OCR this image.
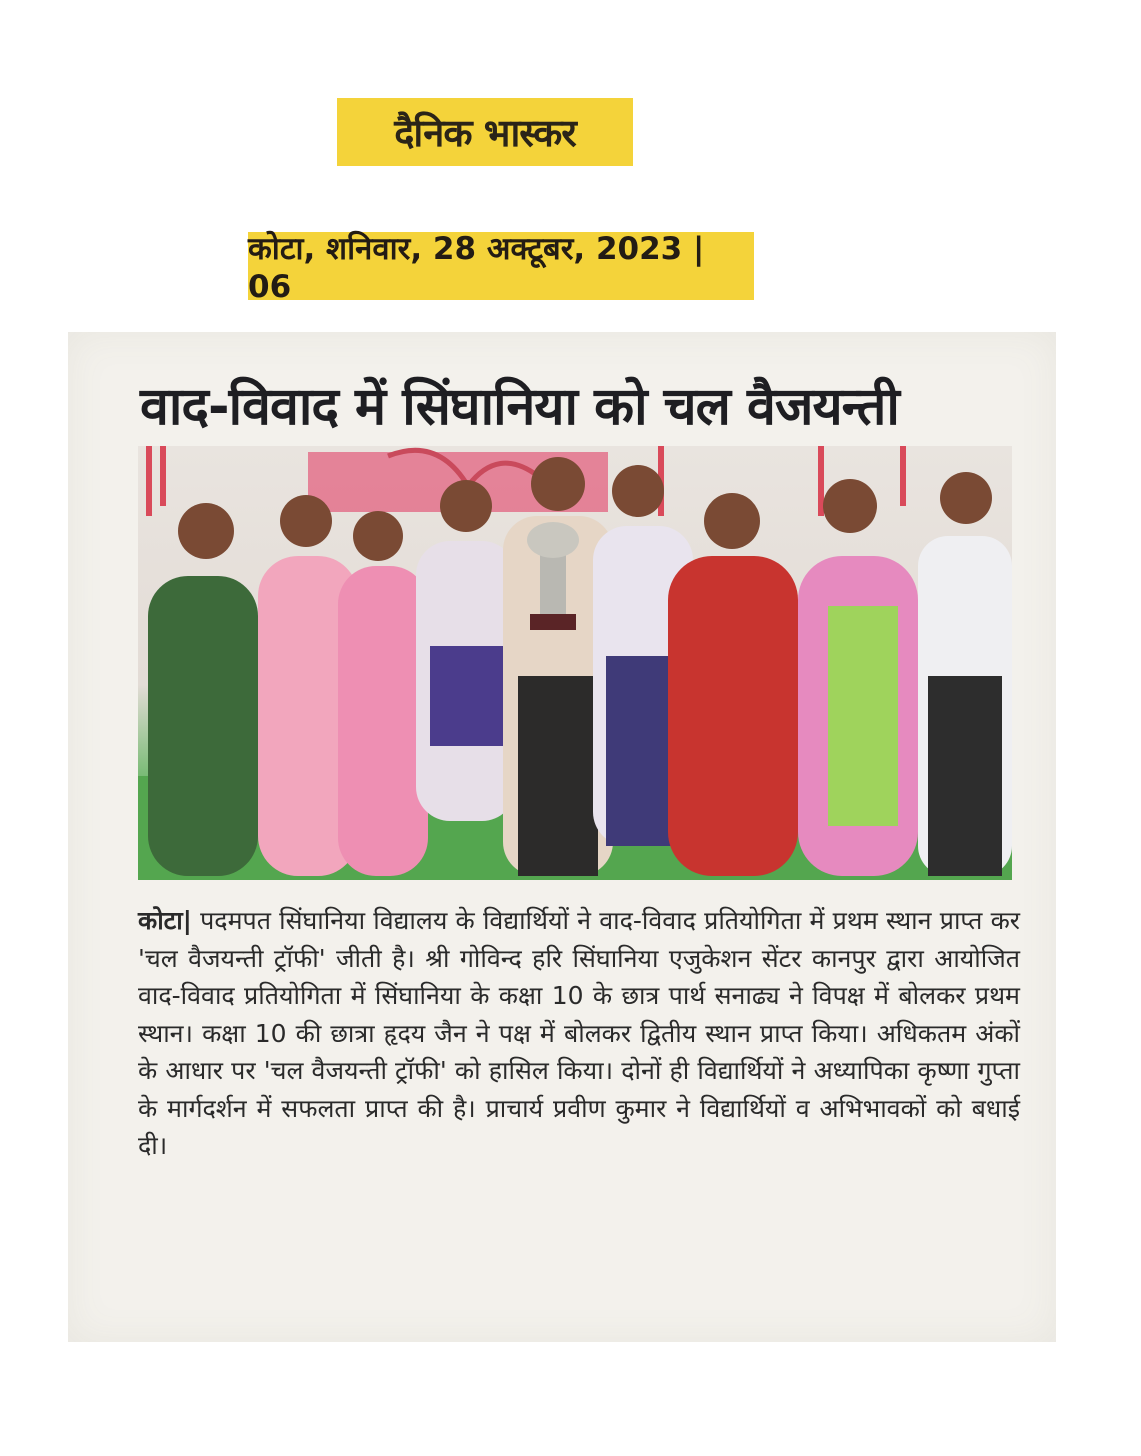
दैनिक भास्कर
कोटा, शनिवार, 28 अक्टूबर, 2023 | 06
वाद-विवाद में सिंघानिया को चल वैजयन्ती
कोटा| पदमपत सिंघानिया विद्यालय के विद्यार्थियों ने वाद-विवाद प्रतियोगिता में प्रथम स्थान प्राप्त कर 'चल वैजयन्ती ट्रॉफी' जीती है। श्री गोविन्द हरि सिंघानिया एजुकेशन सेंटर कानपुर द्वारा आयोजित वाद-विवाद प्रतियोगिता में सिंघानिया के कक्षा 10 के छात्र पार्थ सनाढ्य ने विपक्ष में बोलकर प्रथम स्थान। कक्षा 10 की छात्रा हृदय जैन ने पक्ष में बोलकर द्वितीय स्थान प्राप्त किया। अधिकतम अंकों के आधार पर 'चल वैजयन्ती ट्रॉफी' को हासिल किया। दोनों ही विद्यार्थियों ने अध्यापिका कृष्णा गुप्ता के मार्गदर्शन में सफलता प्राप्त की है। प्राचार्य प्रवीण कुमार ने विद्यार्थियों व अभिभावकों को बधाई दी।
